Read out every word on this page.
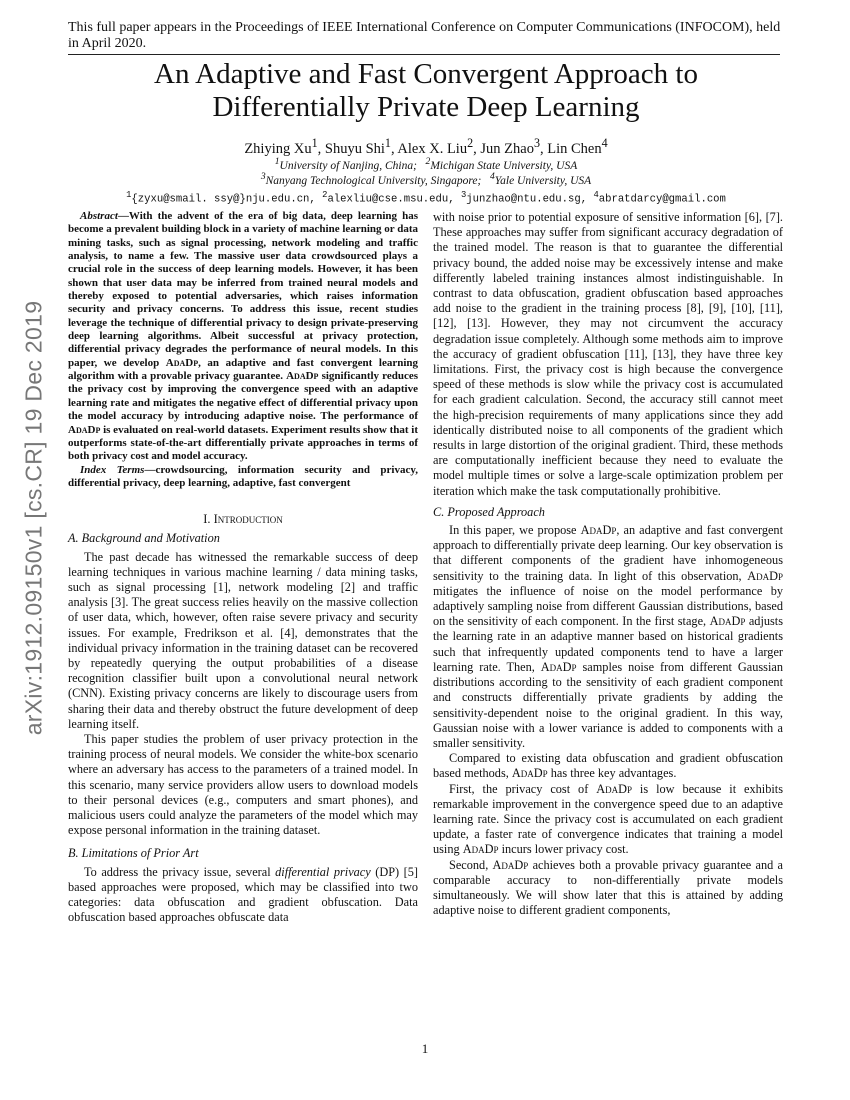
This full paper appears in the Proceedings of IEEE International Conference on Computer Communications (INFOCOM), held in April 2020.
arXiv:1912.09150v1 [cs.CR] 19 Dec 2019
An Adaptive and Fast Convergent Approach to
Differentially Private Deep Learning
Zhiying Xu$^1$, Shuyu Shi$^1$, Alex X. Liu$^2$, Jun Zhao$^3$, Lin Chen$^4$
$^1$University of Nanjing, China; $^2$Michigan State University, USA
$^3$Nanyang Technological University, Singapore; $^4$Yale University, USA
$^1${zyxu@smail. ssy@}nju.edu.cn, $^2$alexliu@cse.msu.edu, $^3$junzhao@ntu.edu.sg, $^4$abratdarcy@gmail.com

Abstract—With the advent of the era of big data, deep learning has become a prevalent building block in a variety of machine learning or data mining tasks, such as signal processing, network modeling and traffic analysis, to name a few. The massive user data crowdsourced plays a crucial role in the success of deep learning models. However, it has been shown that user data may be inferred from trained neural models and thereby exposed to potential adversaries, which raises information security and privacy concerns. To address this issue, recent studies leverage the technique of differential privacy to design private-preserving deep learning algorithms. Albeit successful at privacy protection, differential privacy degrades the performance of neural models. In this paper, we develop AdaDp, an adaptive and fast convergent learning algorithm with a provable privacy guarantee. AdaDp significantly reduces the privacy cost by improving the convergence speed with an adaptive learning rate and mitigates the negative effect of differential privacy upon the model accuracy by introducing adaptive noise. The performance of AdaDp is evaluated on real-world datasets. Experiment results show that it outperforms state-of-the-art differentially private approaches in terms of both privacy cost and model accuracy.

Index Terms—crowdsourcing, information security and privacy, differential privacy, deep learning, adaptive, fast convergent

I. Introduction
A. Background and Motivation

The past decade has witnessed the remarkable success of deep learning techniques in various machine learning / data mining tasks, such as signal processing [1], network modeling [2] and traffic analysis [3]. The great success relies heavily on the massive collection of user data, which, however, often raise severe privacy and security issues. For example, Fredrikson et al. [4], demonstrates that the individual privacy information in the training dataset can be recovered by repeatedly querying the output probabilities of a disease recognition classifier built upon a convolutional neural network (CNN). Existing privacy concerns are likely to discourage users from sharing their data and thereby obstruct the future development of deep learning itself.

This paper studies the problem of user privacy protection in the training process of neural models. We consider the white-box scenario where an adversary has access to the parameters of a trained model. In this scenario, many service providers allow users to download models to their personal devices (e.g., computers and smart phones), and malicious users could analyze the parameters of the model which may expose personal information in the training dataset.

B. Limitations of Prior Art

To address the privacy issue, several differential privacy (DP) [5] based approaches were proposed, which may be classified into two categories: data obfuscation and gradient obfuscation. Data obfuscation based approaches obfuscate data

with noise prior to potential exposure of sensitive information [6], [7]. These approaches may suffer from significant accuracy degradation of the trained model. The reason is that to guarantee the differential privacy bound, the added noise may be excessively intense and make differently labeled training instances almost indistinguishable. In contrast to data obfuscation, gradient obfuscation based approaches add noise to the gradient in the training process [8], [9], [10], [11], [12], [13]. However, they may not circumvent the accuracy degradation issue completely. Although some methods aim to improve the accuracy of gradient obfuscation [11], [13], they have three key limitations. First, the privacy cost is high because the convergence speed of these methods is slow while the privacy cost is accumulated for each gradient calculation. Second, the accuracy still cannot meet the high-precision requirements of many applications since they add identically distributed noise to all components of the gradient which results in large distortion of the original gradient. Third, these methods are computationally inefficient because they need to evaluate the model multiple times or solve a large-scale optimization problem per iteration which make the task computationally prohibitive.

C. Proposed Approach

In this paper, we propose AdaDp, an adaptive and fast convergent approach to differentially private deep learning. Our key observation is that different components of the gradient have inhomogeneous sensitivity to the training data. In light of this observation, AdaDp mitigates the influence of noise on the model performance by adaptively sampling noise from different Gaussian distributions, based on the sensitivity of each component. In the first stage, AdaDp adjusts the learning rate in an adaptive manner based on historical gradients such that infrequently updated components tend to have a larger learning rate. Then, AdaDp samples noise from different Gaussian distributions according to the sensitivity of each gradient component and constructs differentially private gradients by adding the sensitivity-dependent noise to the original gradient. In this way, Gaussian noise with a lower variance is added to components with a smaller sensitivity.

Compared to existing data obfuscation and gradient obfuscation based methods, AdaDp has three key advantages.

First, the privacy cost of AdaDp is low because it exhibits remarkable improvement in the convergence speed due to an adaptive learning rate. Since the privacy cost is accumulated on each gradient update, a faster rate of convergence indicates that training a model using AdaDp incurs lower privacy cost.

Second, AdaDp achieves both a provable privacy guarantee and a comparable accuracy to non-differentially private models simultaneously. We will show later that this is attained by adding adaptive noise to different gradient components,

1
